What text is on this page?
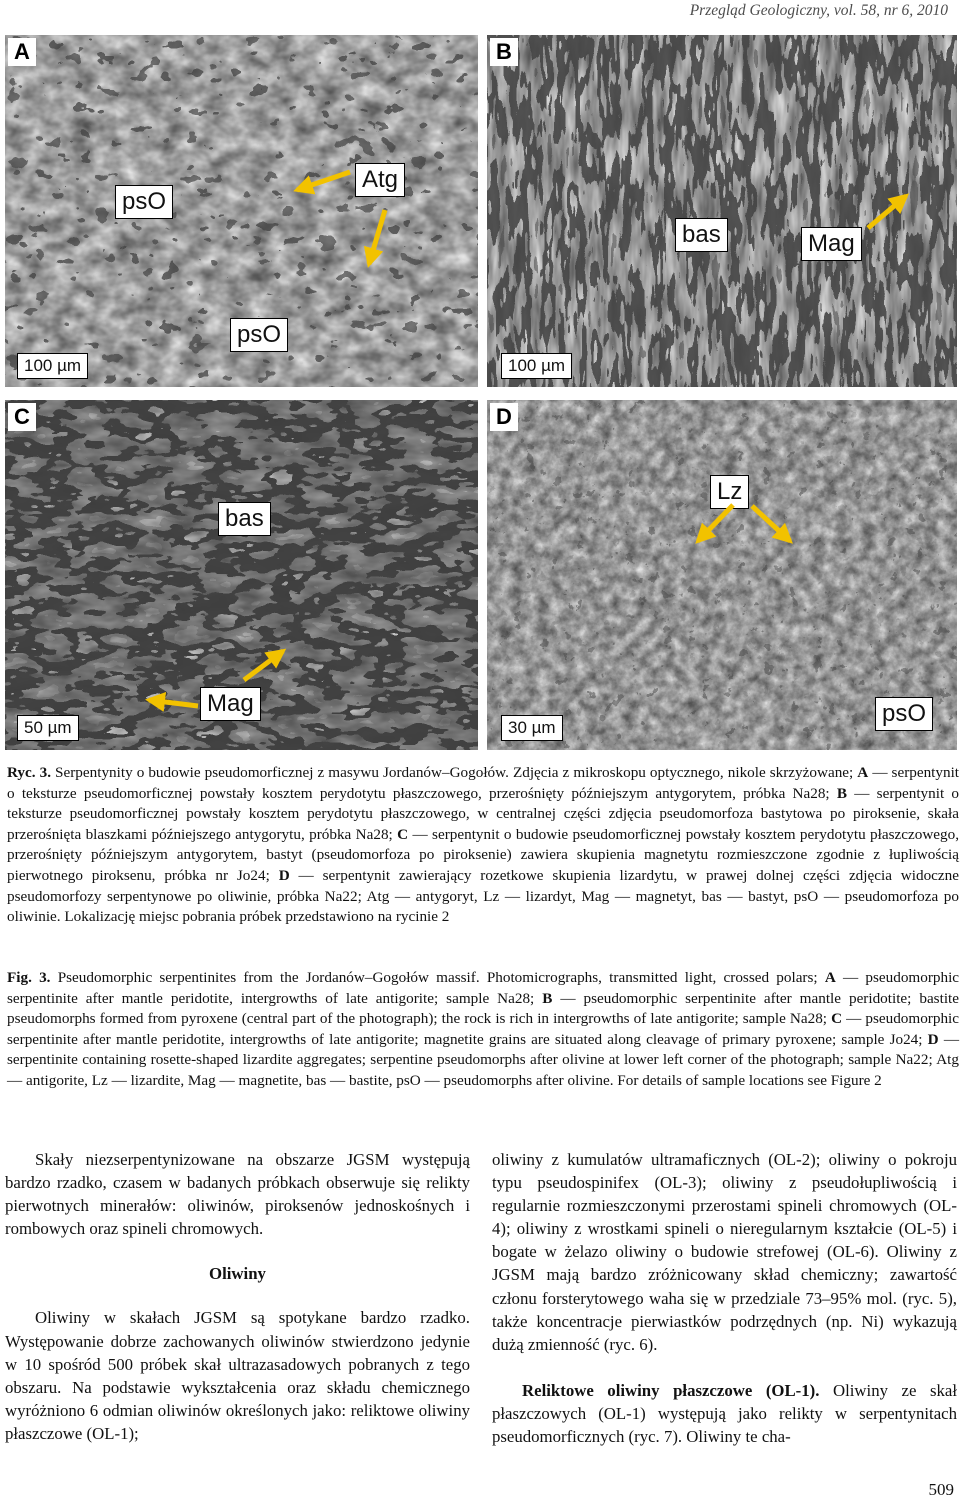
Przegląd Geologiczny, vol. 58, nr 6, 2010
A
psO
Atg
psO
100 µm
B
bas	Mag
100 µm
C
bas
Mag
50 µm
D
Lz
psO
30 µm
Ryc. 3. Serpentynity o budowie pseudomorficznej z masywu Jordanów–Gogołów. Zdjęcia z mikroskopu optycznego, nikole skrzyżowane; A — serpentynit o teksturze pseudomorficznej powstały kosztem perydotytu płaszczowego, przerośnięty późniejszym antygorytem, próbka Na28; B — serpentynit o teksturze pseudomorficznej powstały kosztem perydotytu płaszczowego, w centralnej części zdjęcia pseudomorfoza bastytowa po piroksenie, skała przerośnięta blaszkami późniejszego antygorytu, próbka Na28; C — serpentynit o budowie pseudomorficznej powstały kosztem perydotytu płaszczowego, przerośnięty późniejszym antygorytem, bastyt (pseudomorfoza po piroksenie) zawiera skupienia magnetytu rozmieszczone zgodnie z łupliwością pierwotnego piroksenu, próbka nr Jo24; D — serpentynit zawierający rozetkowe skupienia lizardytu, w prawej dolnej części zdjęcia widoczne pseudomorfozy serpentynowe po oliwinie, próbka Na22; Atg — antygoryt, Lz — lizardyt, Mag — magnetyt, bas — bastyt, psO — pseudomorfoza po oliwinie. Lokalizację miejsc pobrania próbek przedstawiono na rycinie 2
Fig. 3. Pseudomorphic serpentinites from the Jordanów–Gogołów massif. Photomicrographs, transmitted light, crossed polars; A — pseudomorphic serpentinite after mantle peridotite, intergrowths of late antigorite; sample Na28; B — pseudomorphic serpentinite after mantle peridotite; bastite pseudomorphs formed from pyroxene (central part of the photograph); the rock is rich in intergrowths of late antigorite; sample Na28; C — pseudomorphic serpentinite after mantle peridotite, intergrowths of late antigorite; magnetite grains are situated along cleavage of primary pyroxene; sample Jo24; D — serpentinite containing rosette-shaped lizardite aggregates; serpentine pseudomorphs after olivine at lower left corner of the photograph; sample Na22; Atg — antigorite, Lz — lizardite, Mag — magnetite, bas — bastite, psO — pseudomorphs after olivine. For details of sample locations see Figure 2

Skały niezserpentynizowane na obszarze JGSM występują bardzo rzadko, czasem w badanych próbkach obserwuje się relikty pierwotnych minerałów: oliwinów, piroksenów jednoskośnych i rombowych oraz spineli chromowych.

Oliwiny

Oliwiny w skałach JGSM są spotykane bardzo rzadko. Występowanie dobrze zachowanych oliwinów stwierdzono jedynie w 10 spośród 500 próbek skał ultrazasadowych pobranych z tego obszaru. Na podstawie wykształcenia oraz składu chemicznego wyróżniono 6 odmian oliwinów określonych jako: reliktowe oliwiny płaszczowe (OL-1);

oliwiny z kumulatów ultramaficznych (OL-2); oliwiny o pokroju typu pseudospinifex (OL-3); oliwiny z pseudołupliwością i regularnie rozmieszczonymi przerostami spineli chromowych (OL-4); oliwiny z wrostkami spineli o nieregularnym kształcie (OL-5) i bogate w żelazo oliwiny o budowie strefowej (OL-6). Oliwiny z JGSM mają bardzo zróżnicowany skład chemiczny; zawartość członu forsterytowego waha się w przedziale 73–95% mol. (ryc. 5), także koncentracje pierwiastków podrzędnych (np. Ni) wykazują dużą zmienność (ryc. 6).

Reliktowe oliwiny płaszczowe (OL-1). Oliwiny ze skał płaszczowych (OL-1) występują jako relikty w serpentynitach pseudomorficznych (ryc. 7). Oliwiny te cha-

509
